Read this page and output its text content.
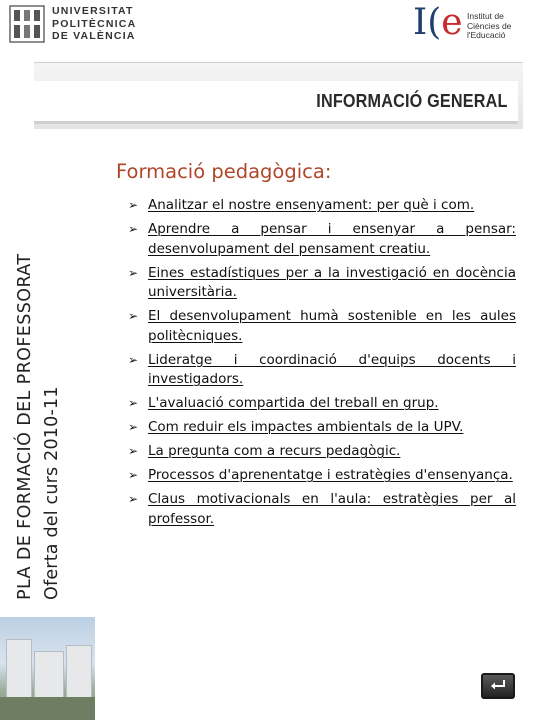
UNIVERSITAT
POLITÈCNICA
DE VALÈNCIA	I(e Institut de
Ciències de
l'Educació
INFORMACIÓ GENERAL
PLA DE FORMACIÓ DEL PROFESSORAT Oferta del curs 2010-11
Formació pedagògica:
➢ Analitzar el nostre ensenyament: per què i com.
➢ Aprendre a pensar i ensenyar a pensar: desenvolupament del pensament creatiu.
➢ Eines estadístiques per a la investigació en docència universitària.
➢ El desenvolupament humà sostenible en les aules politècniques.
➢ Lideratge i coordinació d'equips docents i investigadors.
➢ L'avaluació compartida del treball en grup.
➢ Com reduir els impactes ambientals de la UPV.
➢ La pregunta com a recurs pedagògic.
➢ Processos d'aprenentatge i estratègies d'ensenyança.
➢ Claus motivacionals en l'aula: estratègies per al professor.
